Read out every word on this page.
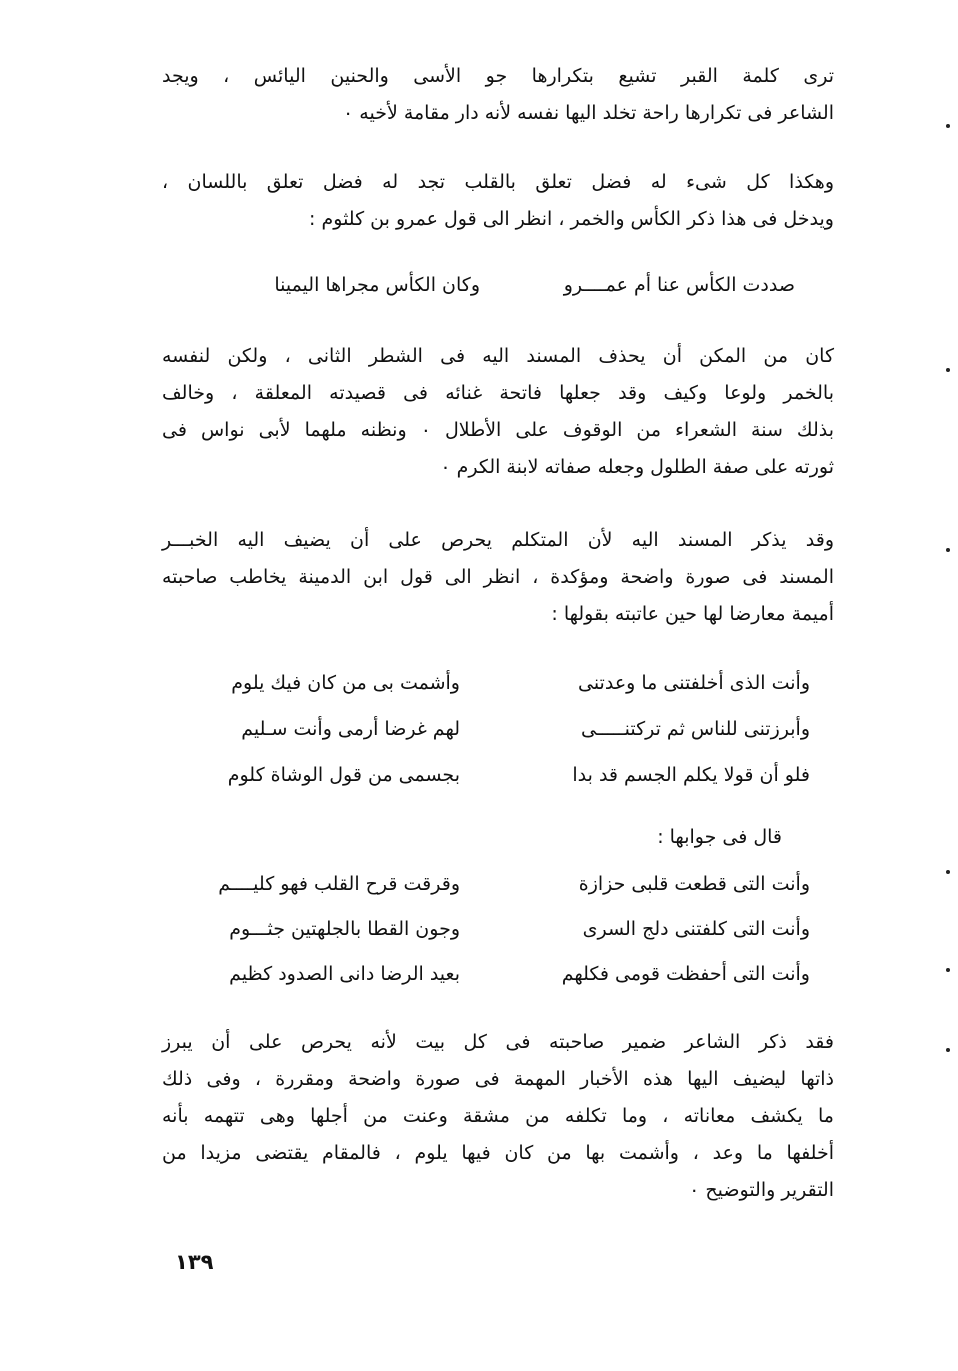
ترى كلمة القبر تشيع بتكرارها جو الأسى والحنين اليائس ، ويجد
الشاعر فى تكرارها راحة تخلد اليها نفسه لأنه دار مقامة لأخيه ٠
وهكذا كل شىء له فضل تعلق بالقلب تجد له فضل تعلق باللسان ،
ويدخل فى هذا ذكر الكأس والخمر ، انظر الى قول عمرو بن كلثوم :
صددت الكأس عنا أم عمــــرو
وكان الكأس مجراها اليمينا
كان من المكن أن يحذف المسند اليه فى الشطر الثانى ، ولكن لنفسه
بالخمر ولوعا وكيف وقد جعلها فاتحة غنائه فى قصيدته المعلقة ، وخالف
بذلك سنة الشعراء من الوقوف على الأطلال ٠ ونظنه ملهما لأبى نواس فى
ثورته على صفة الطلول وجعله صفاته لابنة الكرم ٠
وقد يذكر المسند اليه لأن المتكلم يحرص على أن يضيف اليه الخبـــر
المسند فى صورة واضحة ومؤكدة ، انظر الى قول ابن الدمينة يخاطب صاحبته
أميمة معارضا لها حين عاتبته بقولها :
وأنت الذى أخلفتنى ما وعدتنى
وأشمت بى من كان فيك يلوم
وأبرزتنى للناس ثم تركتنـــــى
لهم غرضا أرمى وأنت سـليم
فلو أن قولا يكلم الجسم قد بدا
بجسمى من قول الوشاة كلوم
قال فى جوابها :
وأنت التى قطعت قلبى حزازة
وقرقت قرح القلب فهو كليــــم
وأنت التى كلفتنى دلج السرى
وجون القطا بالجلهتين جثـــوم
وأنت التى أحفظت قومى فكلهم
بعيد الرضا دانى الصدود كظيم
فقد ذكر الشاعر ضمير صاحبته فى كل بيت لأنه يحرص على أن يبرز
ذاتها ليضيف اليها هذه الأخبار المهمة فى صورة واضحة ومقررة ، وفى ذلك
ما يكشف معاناته ، وما تكلفه من مشقة وعنت من أجلها وهى تتهمه بأنه
أخلفها ما وعد ، وأشمت بها من كان فيها يلوم ، فالمقام يقتضى مزيدا من
التقرير والتوضيح ٠
١٣٩
